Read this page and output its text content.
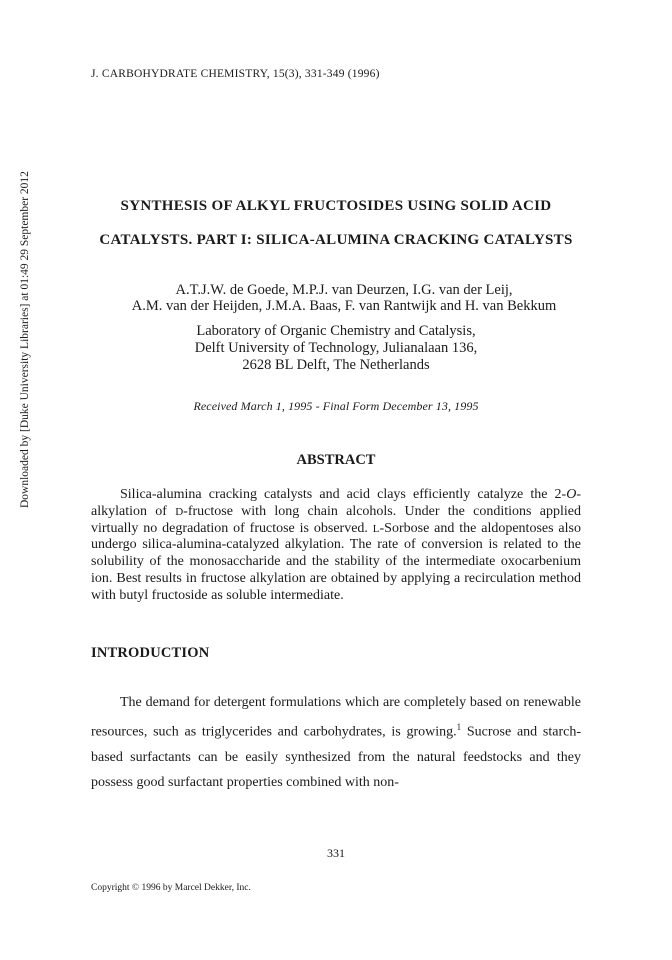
Downloaded by [Duke University Libraries] at 01:49 29 September 2012
J. CARBOHYDRATE CHEMISTRY, 15(3), 331-349 (1996)
SYNTHESIS OF ALKYL FRUCTOSIDES USING SOLID ACID
CATALYSTS. PART I: SILICA-ALUMINA CRACKING CATALYSTS
A.T.J.W. de Goede, M.P.J. van Deurzen, I.G. van der Leij,
A.M. van der Heijden, J.M.A. Baas, F. van Rantwijk and H. van Bekkum
Laboratory of Organic Chemistry and Catalysis,
Delft University of Technology, Julianalaan 136,
2628 BL Delft, The Netherlands
Received March 1, 1995 - Final Form December 13, 1995
ABSTRACT

Silica-alumina cracking catalysts and acid clays efficiently catalyze the 2-O-alkylation of D-fructose with long chain alcohols. Under the conditions applied virtually no degradation of fructose is observed. L-Sorbose and the aldopentoses also undergo silica-alumina-catalyzed alkylation. The rate of conversion is related to the solubility of the monosaccharide and the stability of the intermediate oxocarbenium ion. Best results in fructose alkylation are obtained by applying a recirculation method with butyl fructoside as soluble intermediate.

INTRODUCTION

The demand for detergent formulations which are completely based on renewable resources, such as triglycerides and carbohydrates, is growing.$^1$ Sucrose and starch-based surfactants can be easily synthesized from the natural feedstocks and they possess good surfactant properties combined with non-

331
Copyright © 1996 by Marcel Dekker, Inc.
